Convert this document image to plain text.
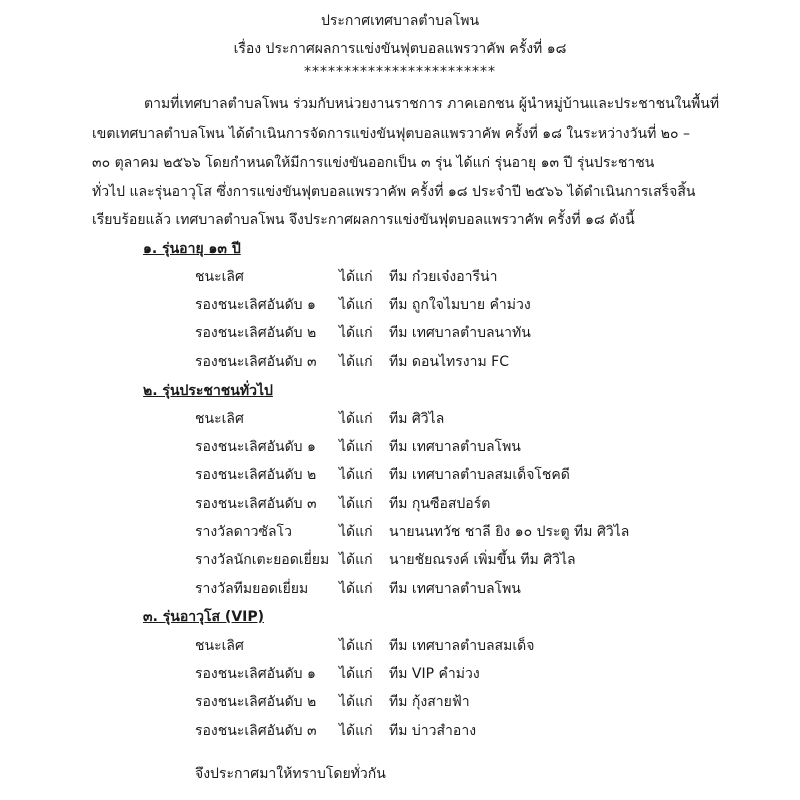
ประกาศเทศบาลตำบลโพน
เรื่อง ประกาศผลการแข่งขันฟุตบอลแพรวาคัพ ครั้งที่ ๑๘
************************
ตามที่เทศบาลตำบลโพน ร่วมกับหน่วยงานราชการ ภาคเอกชน ผู้นำหมู่บ้านและประชาชนในพื้นที่
เขตเทศบาลตำบลโพน ได้ดำเนินการจัดการแข่งขันฟุตบอลแพรวาคัพ ครั้งที่ ๑๘ ในระหว่างวันที่ ๒๐ –
๓๐ ตุลาคม ๒๕๖๖ โดยกำหนดให้มีการแข่งขันออกเป็น ๓ รุ่น ได้แก่ รุ่นอายุ ๑๓ ปี รุ่นประชาชน
ทั่วไป และรุ่นอาวุโส ซึ่งการแข่งขันฟุตบอลแพรวาคัพ ครั้งที่ ๑๘ ประจำปี ๒๕๖๖ ได้ดำเนินการเสร็จสิ้น
เรียบร้อยแล้ว เทศบาลตำบลโพน จึงประกาศผลการแข่งขันฟุตบอลแพรวาคัพ ครั้งที่ ๑๘ ดังนี้
๑. รุ่นอายุ ๑๓ ปี
ชนะเลิศ	ได้แก่ ทีม ก๋วยเจ๋งอารีน่า
รองชนะเลิศอันดับ ๑ ได้แก่ ทีม ถูกใจไมบาย คำม่วง
รองชนะเลิศอันดับ ๒ ได้แก่ ทีม เทศบาลตำบลนาทัน
รองชนะเลิศอันดับ ๓ ได้แก่ ทีม ดอนไทรงาม FC
๒. รุ่นประชาชนทั่วไป
ชนะเลิศ	ได้แก่ ทีม ศิวิไล
รองชนะเลิศอันดับ ๑ ได้แก่ ทีม เทศบาลตำบลโพน
รองชนะเลิศอันดับ ๒ ได้แก่ ทีม เทศบาลตำบลสมเด็จโชคดี
รองชนะเลิศอันดับ ๓ ได้แก่ ทีม กุนซือสปอร์ต
รางวัลดาวซัลโว	ได้แก่ นายนนทวัช ชาลี ยิง ๑๐ ประตู ทีม ศิวิไล
รางวัลนักเตะยอดเยี่ยม ได้แก่ นายชัยณรงค์ เพิ่มขึ้น ทีม ศิวิไล
รางวัลทีมยอดเยี่ยม ได้แก่ ทีม เทศบาลตำบลโพน
๓. รุ่นอาวุโส (VIP)
ชนะเลิศ	ได้แก่ ทีม เทศบาลตำบลสมเด็จ
รองชนะเลิศอันดับ ๑ ได้แก่ ทีม VIP คำม่วง
รองชนะเลิศอันดับ ๒ ได้แก่ ทีม กุ้งสายฟ้า
รองชนะเลิศอันดับ ๓ ได้แก่ ทีม บ่าวสำอาง
จึงประกาศมาให้ทราบโดยทั่วกัน
